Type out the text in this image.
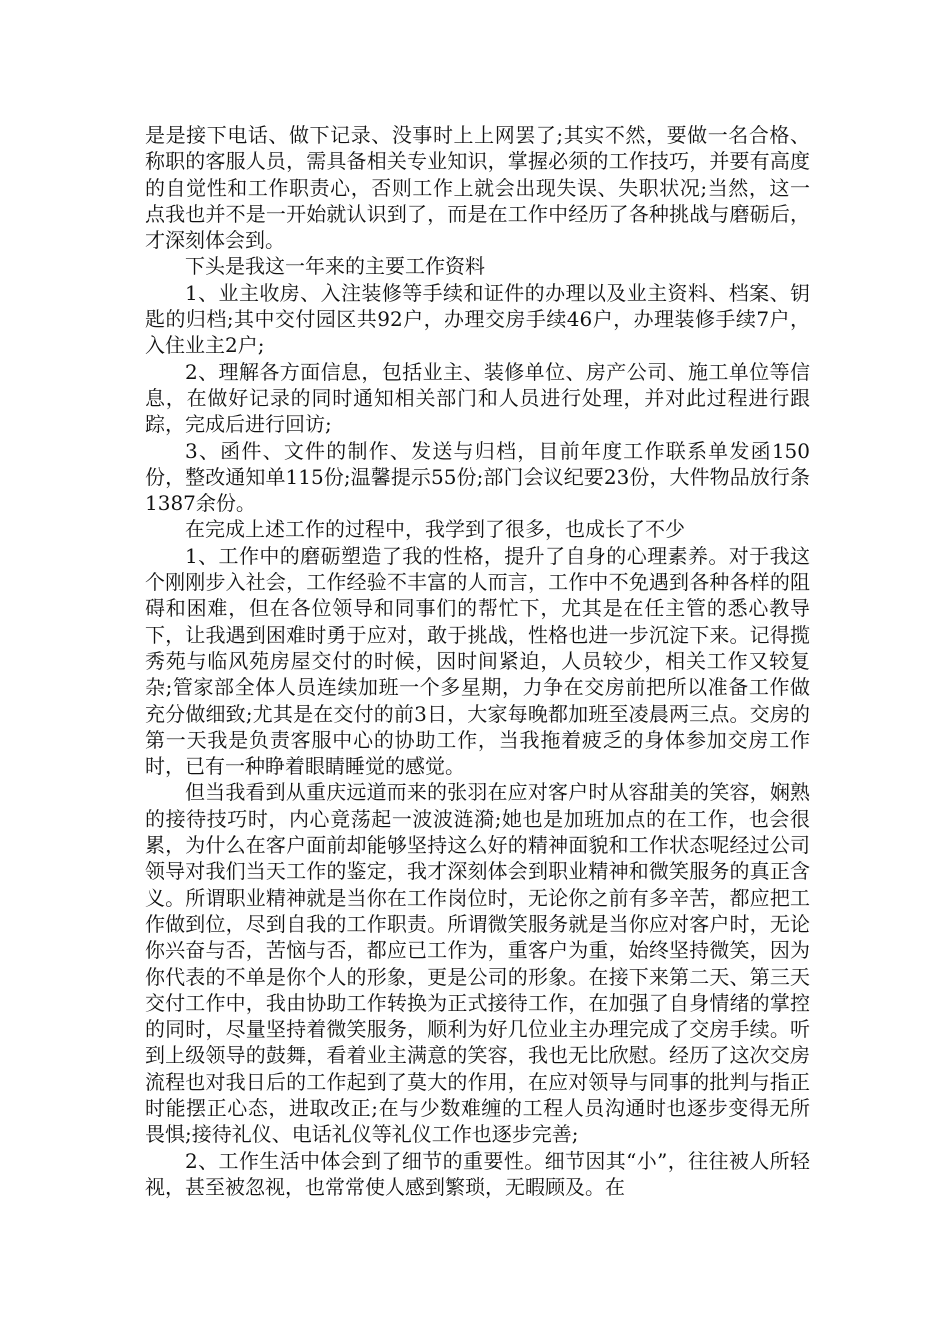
是是接下电话、做下记录、没事时上上网罢了;其实不然，要做一名合格、称职的客服人员，需具备相关专业知识，掌握必须的工作技巧，并要有高度的自觉性和工作职责心，否则工作上就会出现失误、失职状况;当然，这一点我也并不是一开始就认识到了，而是在工作中经历了各种挑战与磨砺后，才深刻体会到。

下头是我这一年来的主要工作资料

1、业主收房、入注装修等手续和证件的办理以及业主资料、档案、钥匙的归档;其中交付园区共92户，办理交房手续46户，办理装修手续7户，入住业主2户;

2、理解各方面信息，包括业主、装修单位、房产公司、施工单位等信息，在做好记录的同时通知相关部门和人员进行处理，并对此过程进行跟踪，完成后进行回访;

3、函件、文件的制作、发送与归档，目前年度工作联系单发函150份，整改通知单115份;温馨提示55份;部门会议纪要23份，大件物品放行条1387余份。

在完成上述工作的过程中，我学到了很多，也成长了不少

1、工作中的磨砺塑造了我的性格，提升了自身的心理素养。对于我这个刚刚步入社会，工作经验不丰富的人而言，工作中不免遇到各种各样的阻碍和困难，但在各位领导和同事们的帮忙下，尤其是在任主管的悉心教导下，让我遇到困难时勇于应对，敢于挑战，性格也进一步沉淀下来。记得揽秀苑与临风苑房屋交付的时候，因时间紧迫，人员较少，相关工作又较复杂;管家部全体人员连续加班一个多星期，力争在交房前把所以准备工作做充分做细致;尤其是在交付的前3日，大家每晚都加班至凌晨两三点。交房的第一天我是负责客服中心的协助工作，当我拖着疲乏的身体参加交房工作时，已有一种睁着眼睛睡觉的感觉。

但当我看到从重庆远道而来的张羽在应对客户时从容甜美的笑容，娴熟的接待技巧时，内心竟荡起一波波涟漪;她也是加班加点的在工作，也会很累，为什么在客户面前却能够坚持这么好的精神面貌和工作状态呢经过公司领导对我们当天工作的鉴定，我才深刻体会到职业精神和微笑服务的真正含义。所谓职业精神就是当你在工作岗位时，无论你之前有多辛苦，都应把工作做到位，尽到自我的工作职责。所谓微笑服务就是当你应对客户时，无论你兴奋与否，苦恼与否，都应已工作为，重客户为重，始终坚持微笑，因为你代表的不单是你个人的形象，更是公司的形象。在接下来第二天、第三天交付工作中，我由协助工作转换为正式接待工作，在加强了自身情绪的掌控的同时，尽量坚持着微笑服务，顺利为好几位业主办理完成了交房手续。听到上级领导的鼓舞，看着业主满意的笑容，我也无比欣慰。经历了这次交房流程也对我日后的工作起到了莫大的作用，在应对领导与同事的批判与指正时能摆正心态，进取改正;在与少数难缠的工程人员沟通时也逐步变得无所畏惧;接待礼仪、电话礼仪等礼仪工作也逐步完善;

2、工作生活中体会到了细节的重要性。细节因其“小”，往往被人所轻视，甚至被忽视，也常常使人感到繁琐，无暇顾及。在
